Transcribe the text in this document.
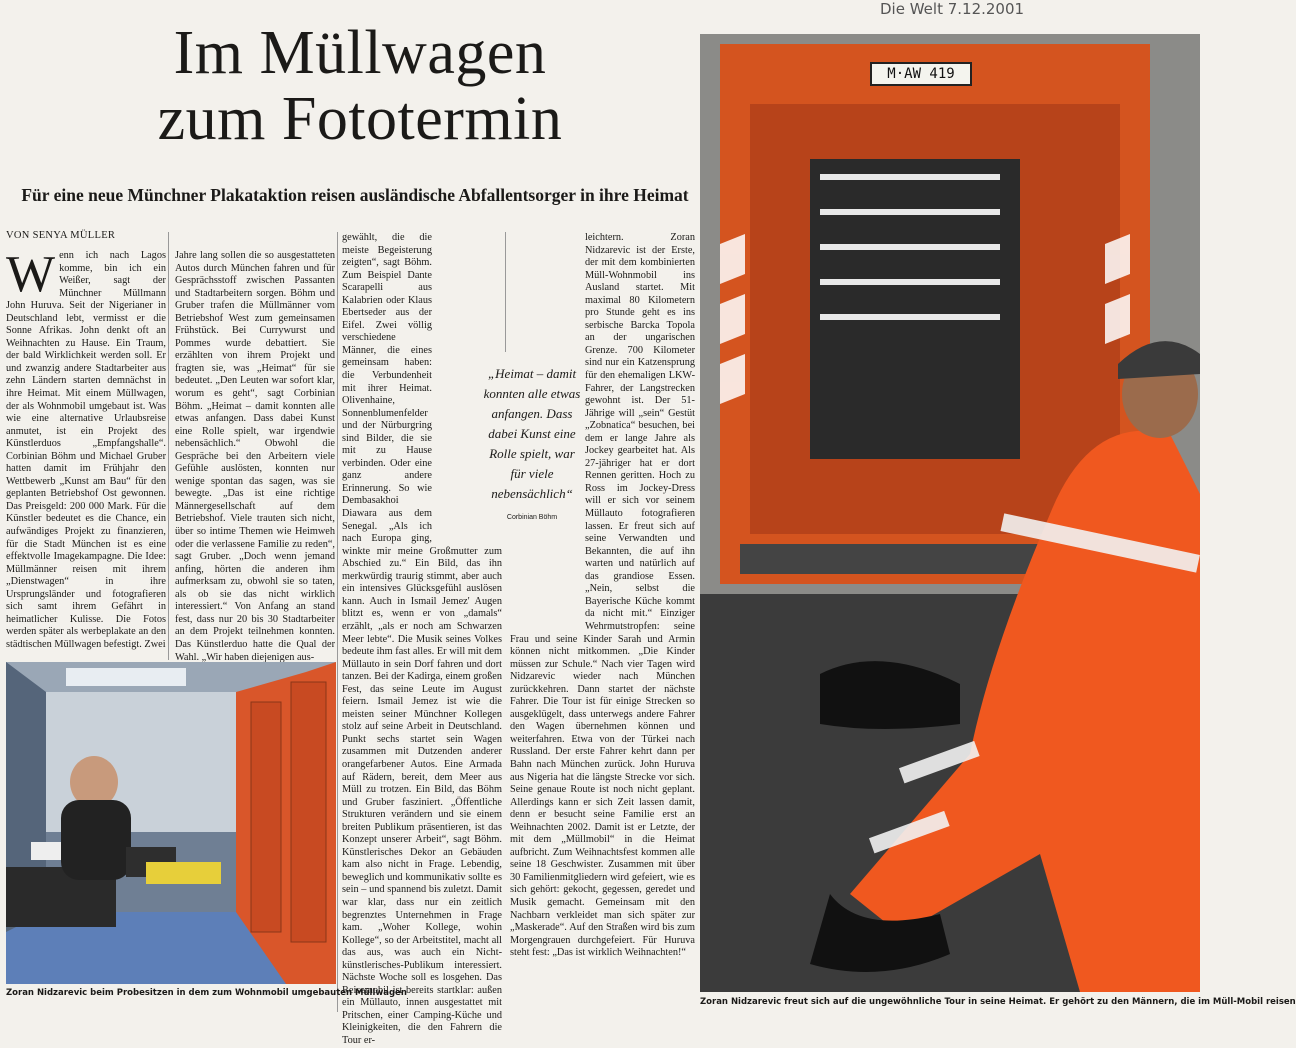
Die Welt 7.12.2001
Im Müllwagen
zum Fototermin
Für eine neue Münchner Plakataktion reisen ausländische Abfallentsorger in ihre Heimat
VON SENYA MÜLLER
W enn ich nach Lagos komme, bin ich ein Weißer, sagt der Münchner Müllmann John Huruva. Seit der Nigerianer in Deutschland lebt, vermisst er die Sonne Afrikas. John denkt oft an Weihnachten zu Hause. Ein Traum, der bald Wirklichkeit werden soll. Er und zwanzig andere Stadtarbeiter aus zehn Ländern starten demnächst in ihre Heimat. Mit einem Müllwagen, der als Wohnmobil umgebaut ist. Was wie eine alternative Urlaubsreise anmutet, ist ein Projekt des Künstlerduos „Empfangshalle“. Corbinian Böhm und Michael Gruber hatten damit im Frühjahr den Wettbewerb „Kunst am Bau“ für den geplanten Betriebshof Ost gewonnen. Das Preisgeld: 200 000 Mark. Für die Künstler bedeutet es die Chance, ein aufwändiges Projekt zu finanzieren, für die Stadt München ist es eine effektvolle Imagekampagne. Die Idee: Müllmänner reisen mit ihrem „Dienstwagen“ in ihre Ursprungsländer und fotografieren sich samt ihrem Gefährt in heimatlicher Kulisse. Die Fotos werden später als werbeplakate an den städtischen Müllwagen befestigt. Zwei
Jahre lang sollen die so ausgestatteten Autos durch München fahren und für Gesprächsstoff zwischen Passanten und Stadtarbeitern sorgen. Böhm und Gruber trafen die Müllmänner vom Betriebshof West zum gemeinsamen Frühstück. Bei Currywurst und Pommes wurde debattiert. Sie erzählten von ihrem Projekt und fragten sie, was „Heimat“ für sie bedeutet. „Den Leuten war sofort klar, worum es geht“, sagt Corbinian Böhm. „Heimat – damit konnten alle etwas anfangen. Dass dabei Kunst eine Rolle spielt, war irgendwie nebensächlich.“ Obwohl die Gespräche bei den Arbeitern viele Gefühle auslösten, konnten nur wenige spontan das sagen, was sie bewegte. „Das ist eine richtige Männergesellschaft auf dem Betriebshof. Viele trauten sich nicht, über so intime Themen wie Heimweh oder die verlassene Familie zu reden“, sagt Gruber. „Doch wenn jemand anfing, hörten die anderen ihm aufmerksam zu, obwohl sie so taten, als ob sie das nicht wirklich interessiert.“ Von Anfang an stand fest, dass nur 20 bis 30 Stadtarbeiter an dem Projekt teilnehmen konnten. Das Künstlerduo hatte die Qual der Wahl. „Wir haben diejenigen aus-
gewählt, die die meiste Begeisterung zeigten“, sagt Böhm. Zum Beispiel Dante Scarapelli aus Kalabrien oder Klaus Ebertseder aus der Eifel. Zwei völlig verschiedene Männer, die eines gemeinsam haben: die Verbundenheit mit ihrer Heimat. Olivenhaine, Sonnenblumenfelder und der Nürburgring sind Bilder, die sie mit zu Hause verbinden. Oder eine ganz andere Erinnerung. So wie Dembasakhoi Diawara aus dem Senegal. „Als ich nach Europa ging, winkte mir meine Großmutter zum Abschied zu.“ Ein Bild, das ihn merkwürdig traurig stimmt, aber auch ein intensives Glücksgefühl auslösen kann. Auch in Ismail Jemez' Augen blitzt es, wenn er von „damals“ erzählt, „als er noch am Schwarzen Meer lebte“. Die Musik seines Volkes bedeute ihm fast alles. Er will mit dem Müllauto in sein Dorf fahren und dort tanzen. Bei der Kadirga, einem großen Fest, das seine Leute im August feiern. Ismail Jemez ist wie die meisten seiner Münchner Kollegen stolz auf seine Arbeit in Deutschland. Punkt sechs startet sein Wagen zusammen mit Dutzenden anderer orangefarbener Autos. Eine Armada auf Rädern, bereit, dem Meer aus Müll zu trotzen. Ein Bild, das Böhm und Gruber fasziniert. „Öffentliche Strukturen verändern und sie einem breiten Publikum präsentieren, ist das Konzept unserer Arbeit“, sagt Böhm. Künstlerisches Dekor an Gebäuden kam also nicht in Frage. Lebendig, beweglich und kommunikativ sollte es sein – und spannend bis zuletzt. Damit war klar, dass nur ein zeitlich begrenztes Unternehmen in Frage kam. „Woher Kollege, wohin Kollege“, so der Arbeitstitel, macht all das aus, was auch ein Nicht-künstlerisches-Publikum interessiert. Nächste Woche soll es losgehen. Das Reisemobil ist bereits startklar: außen ein Müllauto, innen ausgestattet mit Pritschen, einer Camping-Küche und Kleinigkeiten, die den Fahrern die Tour er-
leichtern. Zoran Nidzarevic ist der Erste, der mit dem kombinierten Müll-Wohnmobil ins Ausland startet. Mit maximal 80 Kilometern pro Stunde geht es ins serbische Barcka Topola an der ungarischen Grenze. 700 Kilometer sind nur ein Katzensprung für den ehemaligen LKW-Fahrer, der Langstrecken gewohnt ist. Der 51-Jährige will „sein“ Gestüt „Zobnatica“ besuchen, bei dem er lange Jahre als Jockey gearbeitet hat. Als 27-jähriger hat er dort Rennen geritten. Hoch zu Ross im Jockey-Dress will er sich vor seinem Müllauto fotografieren lassen. Er freut sich auf seine Verwandten und Bekannten, die auf ihn warten und natürlich auf das grandiose Essen. „Nein, selbst die Bayerische Küche kommt da nicht mit.“ Einziger Wehrmutstropfen: seine Frau und seine Kinder Sarah und Armin können nicht mitkommen. „Die Kinder müssen zur Schule.“ Nach vier Tagen wird Nidzarevic wieder nach München zurückkehren. Dann startet der nächste Fahrer. Die Tour ist für einige Strecken so ausgeklügelt, dass unterwegs andere Fahrer den Wagen übernehmen können und weiterfahren. Etwa von der Türkei nach Russland. Der erste Fahrer kehrt dann per Bahn nach München zurück. John Huruva aus Nigeria hat die längste Strecke vor sich. Seine genaue Route ist noch nicht geplant. Allerdings kann er sich Zeit lassen damit, denn er besucht seine Familie erst an Weihnachten 2002. Damit ist er Letzte, der mit dem „Müllmobil“ in die Heimat aufbricht. Zum Weihnachtsfest kommen alle seine 18 Geschwister. Zusammen mit über 30 Familienmitgliedern wird gefeiert, wie es sich gehört: gekocht, gegessen, geredet und Musik gemacht. Gemeinsam mit den Nachbarn verkleidet man sich später zur „Maskerade“. Auf den Straßen wird bis zum Morgengrauen durchgefeiert. Für Huruva steht fest: „Das ist wirklich Weihnachten!“
„Heimat – damit konnten alle etwas anfangen. Dass dabei Kunst eine Rolle spielt, war für viele nebensächlich“
Corbinian Böhm
Zoran Nidzarevic beim Probesitzen in dem zum Wohnmobil umgebauten Müllwagen
M·AW 419
Zoran Nidzarevic freut sich auf die ungewöhnliche Tour in seine Heimat. Er gehört zu den Männern, die im Müll-Mobil reisen
